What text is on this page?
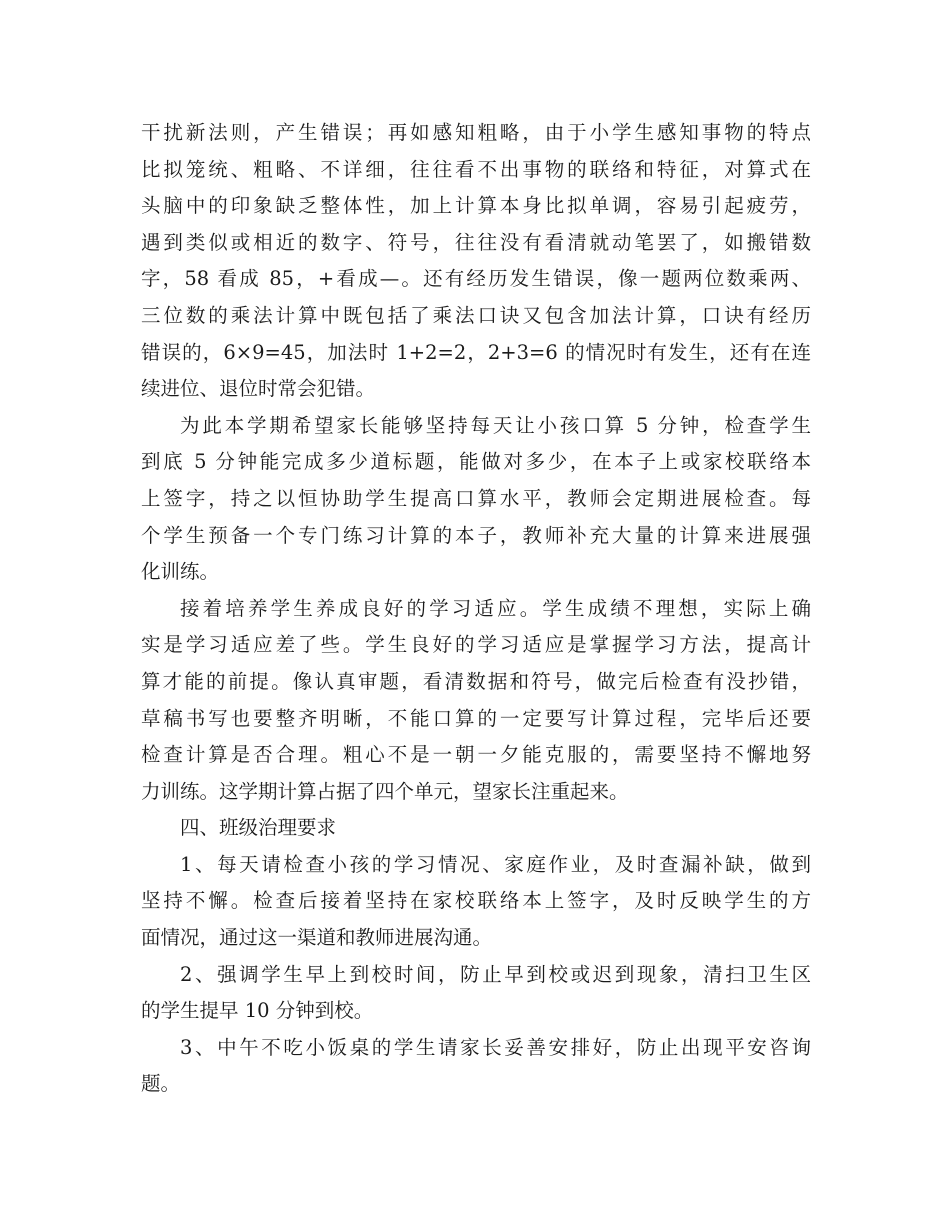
干扰新法则，产生错误；再如感知粗略，由于小学生感知事物的特点
比拟笼统、粗略、不详细，往往看不出事物的联络和特征，对算式在
头脑中的印象缺乏整体性，加上计算本身比拟单调，容易引起疲劳，
遇到类似或相近的数字、符号，往往没有看清就动笔罢了，如搬错数
字，58 看成 85，+看成—。还有经历发生错误，像一题两位数乘两、
三位数的乘法计算中既包括了乘法口诀又包含加法计算，口诀有经历
错误的，6×9=45，加法时 1+2=2，2+3=6 的情况时有发生，还有在连
续进位、退位时常会犯错。
为此本学期希望家长能够坚持每天让小孩口算 5 分钟，检查学生
到底 5 分钟能完成多少道标题，能做对多少，在本子上或家校联络本
上签字，持之以恒协助学生提高口算水平，教师会定期进展检查。每
个学生预备一个专门练习计算的本子，教师补充大量的计算来进展强
化训练。
接着培养学生养成良好的学习适应。学生成绩不理想，实际上确
实是学习适应差了些。学生良好的学习适应是掌握学习方法，提高计
算才能的前提。像认真审题，看清数据和符号，做完后检查有没抄错，
草稿书写也要整齐明晰，不能口算的一定要写计算过程，完毕后还要
检查计算是否合理。粗心不是一朝一夕能克服的，需要坚持不懈地努
力训练。这学期计算占据了四个单元，望家长注重起来。
四、班级治理要求
1、每天请检查小孩的学习情况、家庭作业，及时查漏补缺，做到
坚持不懈。检查后接着坚持在家校联络本上签字，及时反映学生的方
面情况，通过这一渠道和教师进展沟通。
2、强调学生早上到校时间，防止早到校或迟到现象，清扫卫生区
的学生提早 10 分钟到校。
3、中午不吃小饭桌的学生请家长妥善安排好，防止出现平安咨询
题。
